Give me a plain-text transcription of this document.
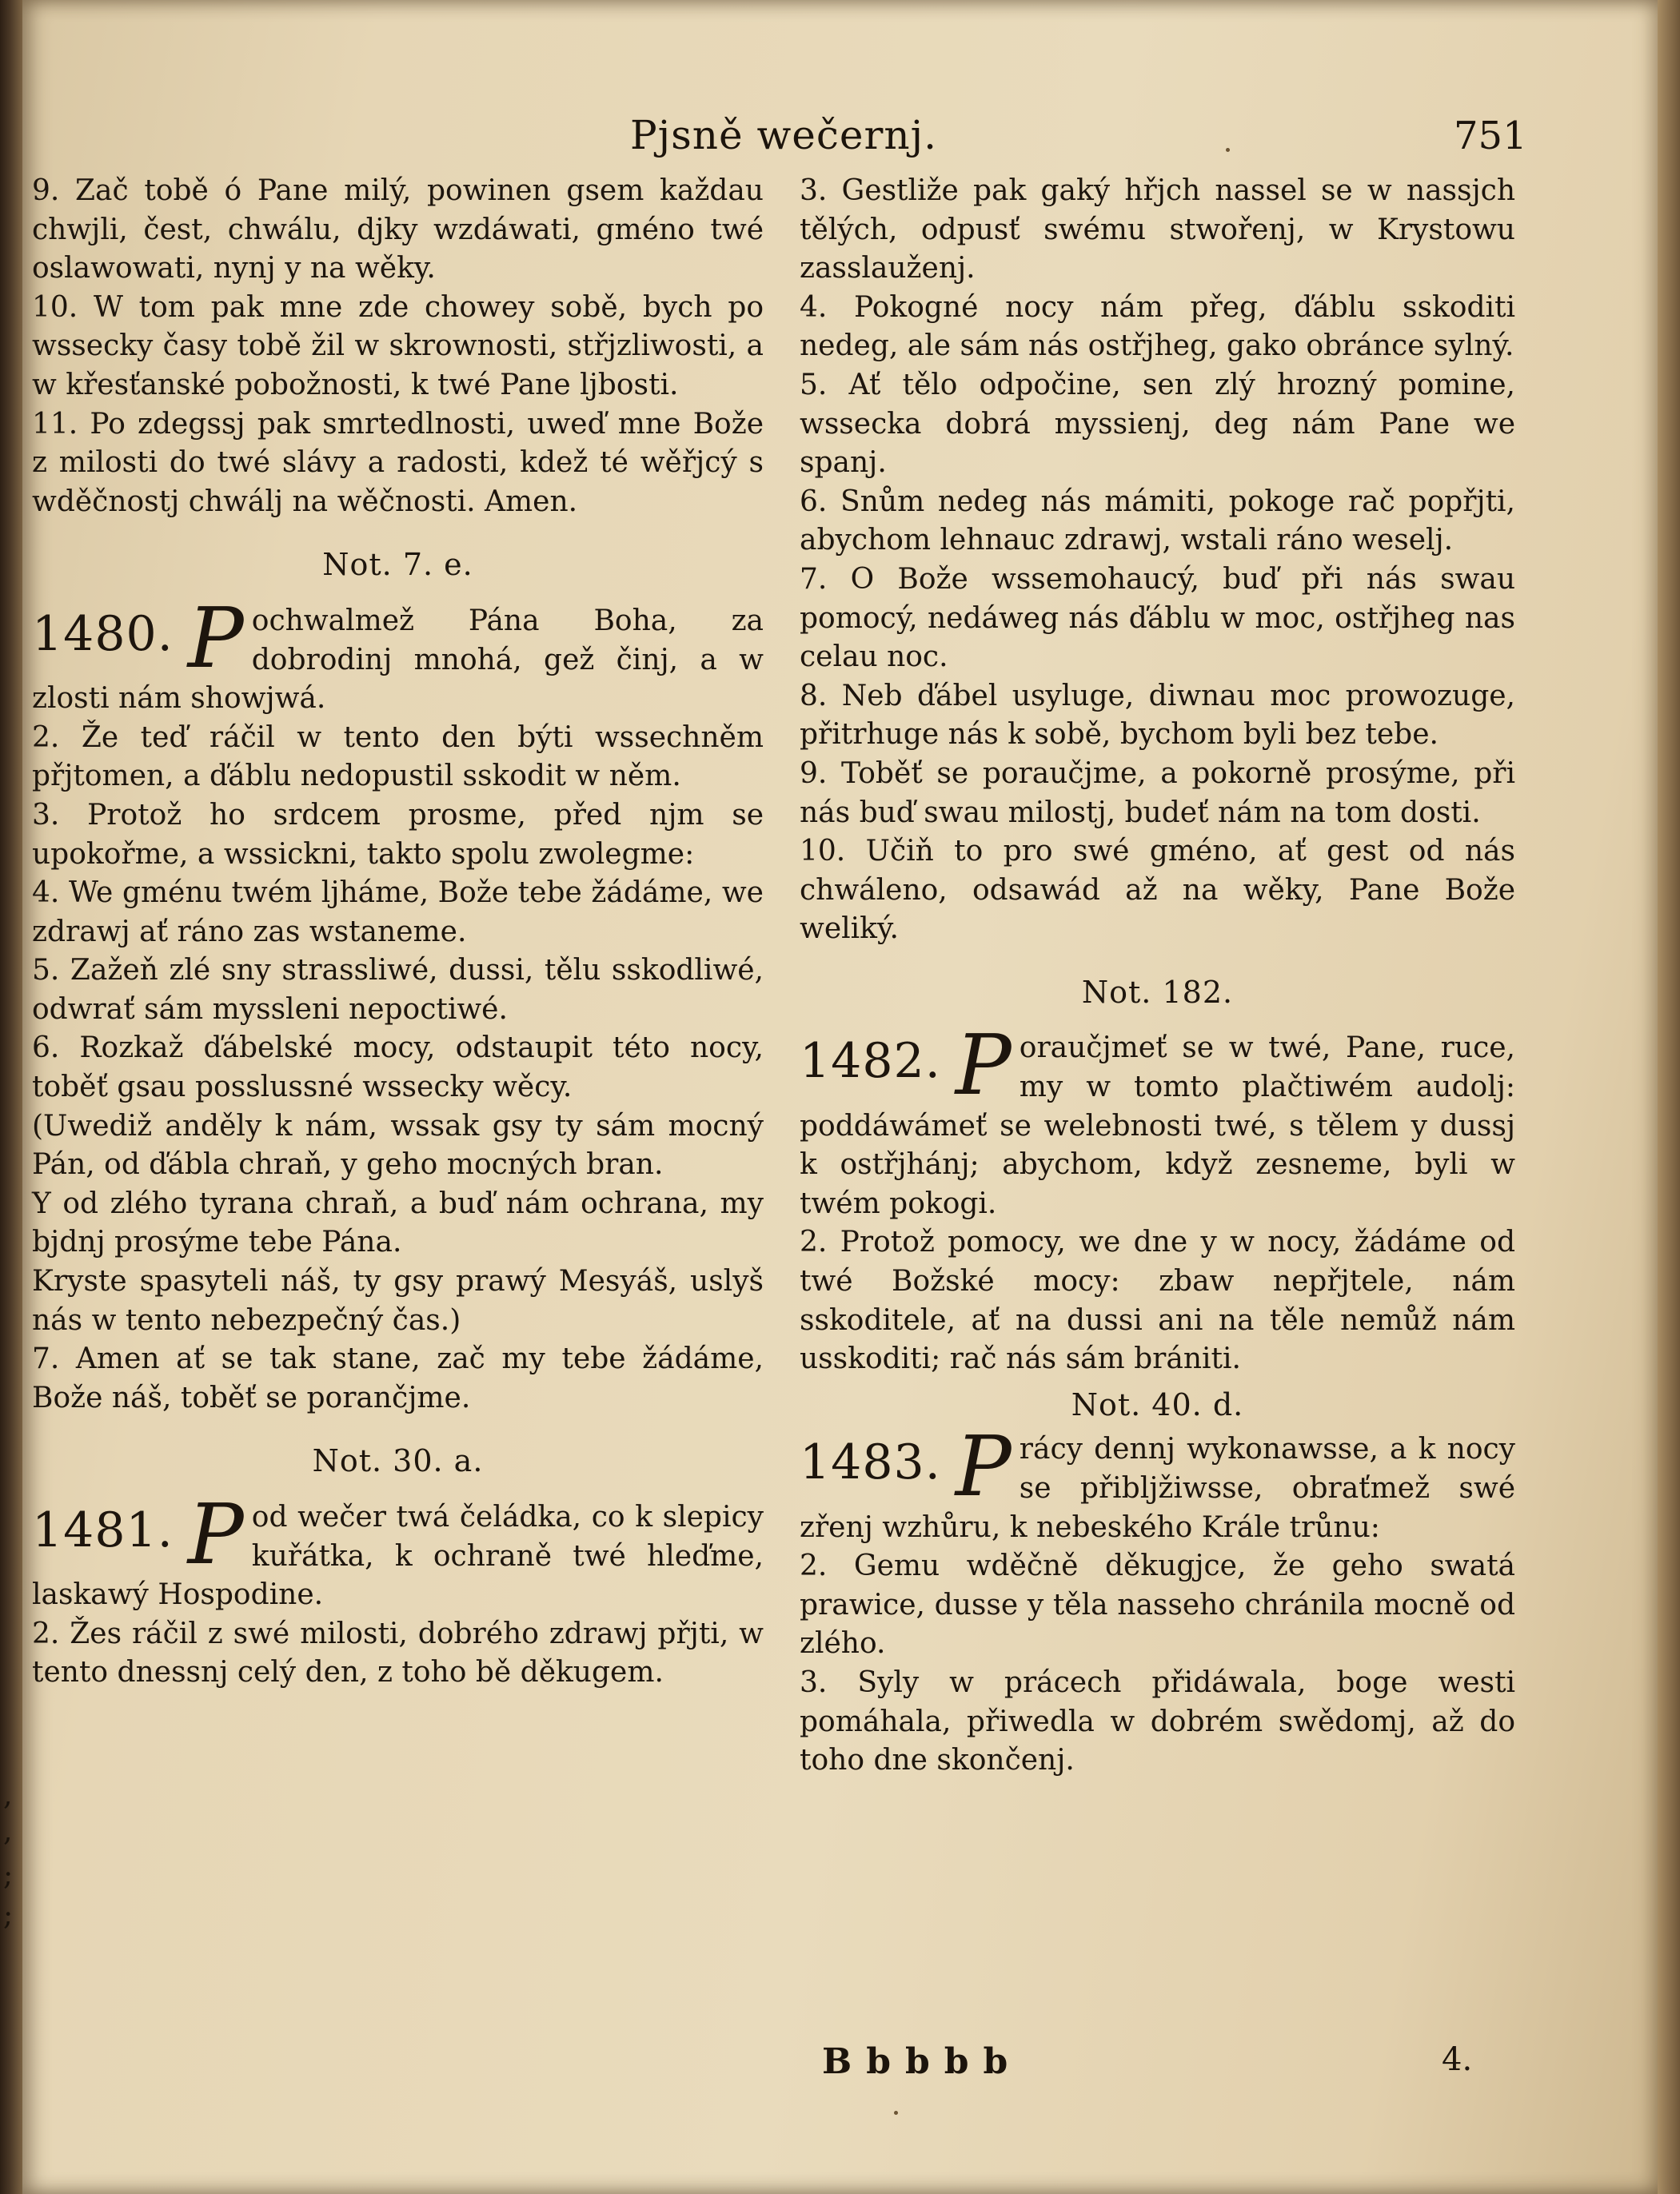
,
,
;
;
Pjsně wečernj.	751

9. Zač tobě ó Pane milý, powinen gsem každau chwjli, čest, chwálu, djky wzdáwati, gméno twé oslawowati, nynj y na wěky.

10. W tom pak mne zde chowey sobě, bych po wssecky časy tobě žil w skrownosti, střjzliwosti, a w křesťanské pobožnosti, k twé Pane ljbosti.

11. Po zdegssj pak smrtedlnosti, uweď mne Bože z milosti do twé slávy a radosti, kdež té wěřjcý s wděčnostj chwálj na wěčnosti. Amen.

Not. 7. e.
1480. P ochwalmež Pána Boha, za dobrodinj mnohá, gež činj, a w zlosti nám showjwá.

2. Že teď ráčil w tento den býti wssechněm přjtomen, a ďáblu nedopustil sskodit w něm.

3. Protož ho srdcem prosme, před njm se upokořme, a wssickni, takto spolu zwolegme:

4. We gménu twém ljháme, Bože tebe žádáme, we zdrawj ať ráno zas wstaneme.

5. Zažeň zlé sny strassliwé, dussi, tělu sskodliwé, odwrať sám myssleni nepoctiwé.

6. Rozkaž ďábelské mocy, odstaupit této nocy, toběť gsau posslussné wssecky wěcy.

(Uwediž anděly k nám, wssak gsy ty sám mocný Pán, od ďábla chraň, y geho mocných bran.

Y od zlého tyrana chraň, a buď nám ochrana, my bjdnj prosýme tebe Pána.

Kryste spasyteli náš, ty gsy prawý Mesyáš, uslyš nás w tento nebezpečný čas.)

7. Amen ať se tak stane, zač my tebe žádáme, Bože náš, toběť se porančjme.

Not. 30. a.
1481. P od wečer twá čeládka, co k slepicy kuřátka, k ochraně twé hleďme, laskawý Hospodine.

2. Žes ráčil z swé milosti, dobrého zdrawj přjti, w tento dnessnj celý den, z toho bě děkugem.

3. Gestliže pak gaký hřjch nassel se w nassjch tělých, odpusť swému stwořenj, w Krystowu zasslauženj.

4. Pokogné nocy nám přeg, ďáblu sskoditi nedeg, ale sám nás ostřjheg, gako obránce sylný.

5. Ať tělo odpočine, sen zlý hrozný pomine, wssecka dobrá myssienj, deg nám Pane we spanj.

6. Snům nedeg nás mámiti, pokoge rač popřjti, abychom lehnauc zdrawj, wstali ráno weselj.

7. O Bože wssemohaucý, buď při nás swau pomocý, nedáweg nás ďáblu w moc, ostřjheg nas celau noc.

8. Neb ďábel usyluge, diwnau moc prowozuge, přitrhuge nás k sobě, bychom byli bez tebe.

9. Toběť se poraučjme, a pokorně prosýme, při nás buď swau milostj, budeť nám na tom dosti.

10. Učiň to pro swé gméno, ať gest od nás chwáleno, odsawád až na wěky, Pane Bože weliký.

Not. 182.
1482. P oraučjmeť se w twé, Pane, ruce, my w tomto plačtiwém audolj: poddáwámeť se welebnosti twé, s tělem y dussj k ostřjhánj; abychom, když zesneme, byli w twém pokogi.

2. Protož pomocy, we dne y w nocy, žádáme od twé Božské mocy: zbaw nepřjtele, nám sskoditele, ať na dussi ani na těle nemůž nám usskoditi; rač nás sám brániti.

Not. 40. d.
1483. P rácy dennj wykonawsse, a k nocy se přibljžiwsse, obraťmež swé zřenj wzhůru, k nebeského Krále trůnu:

2. Gemu wděčně děkugjce, že geho swatá prawice, dusse y těla nasseho chránila mocně od zlého.

3. Syly w prácech přidáwala, boge westi pomáhala, přiwedla w dobrém swědomj, až do toho dne skončenj.

Bbbbb	4.
